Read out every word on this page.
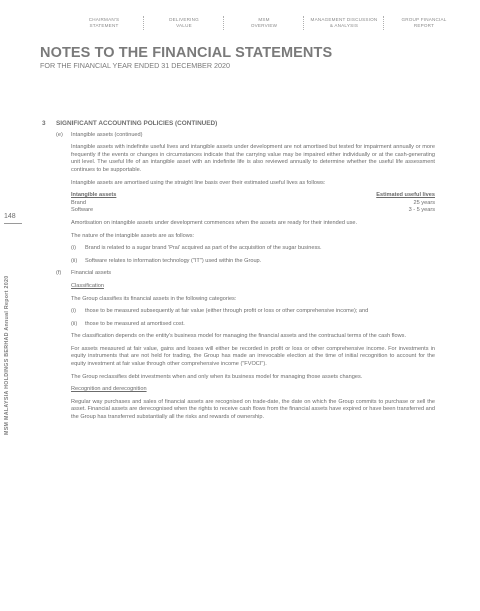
CHAIRMAN'S
STATEMENT
DELIVERING
VALUE
MSM
OVERVIEW
MANAGEMENT DISCUSSION
& ANALYSIS
GROUP FINANCIAL
REPORT
NOTES TO THE FINANCIAL STATEMENTS
FOR THE FINANCIAL YEAR ENDED 31 DECEMBER 2020
148
MSM MALAYSIA HOLDINGS BERHAD Annual Report 2020
3	SIGNIFICANT ACCOUNTING POLICIES (CONTINUED)
(e)	Intangible assets (continued)

Intangible assets with indefinite useful lives and intangible assets under development are not amortised but tested for impairment annually or more frequently if the events or changes in circumstances indicate that the carrying value may be impaired either individually or at the cash-generating unit level. The useful life of an intangible asset with an indefinite life is also reviewed annually to determine whether the useful life assessment continues to be supportable.

Intangible assets are amortised using the straight line basis over their estimated useful lives as follows:

Intangible assets	Estimated useful lives
Brand	25 years
Software	3 - 5 years

Amortisation on intangible assets under development commences when the assets are ready for their intended use.

The nature of the intangible assets are as follows:

(i)	Brand is related to a sugar brand 'Prai' acquired as part of the acquisition of the sugar business.
(ii)	Software relates to information technology ("IT") used within the Group.
(f)	Financial assets

Classification

The Group classifies its financial assets in the following categories:

(i)	those to be measured subsequently at fair value (either through profit or loss or other comprehensive income); and
(ii)	those to be measured at amortised cost.

The classification depends on the entity's business model for managing the financial assets and the contractual terms of the cash flows.

For assets measured at fair value, gains and losses will either be recorded in profit or loss or other comprehensive income. For investments in equity instruments that are not held for trading, the Group has made an irrevocable election at the time of initial recognition to account for the equity investment at fair value through other comprehensive income ("FVOCI").

The Group reclassifies debt investments when and only when its business model for managing those assets changes.

Recognition and derecognition

Regular way purchases and sales of financial assets are recognised on trade-date, the date on which the Group commits to purchase or sell the asset. Financial assets are derecognised when the rights to receive cash flows from the financial assets have expired or have been transferred and the Group has transferred substantially all the risks and rewards of ownership.
